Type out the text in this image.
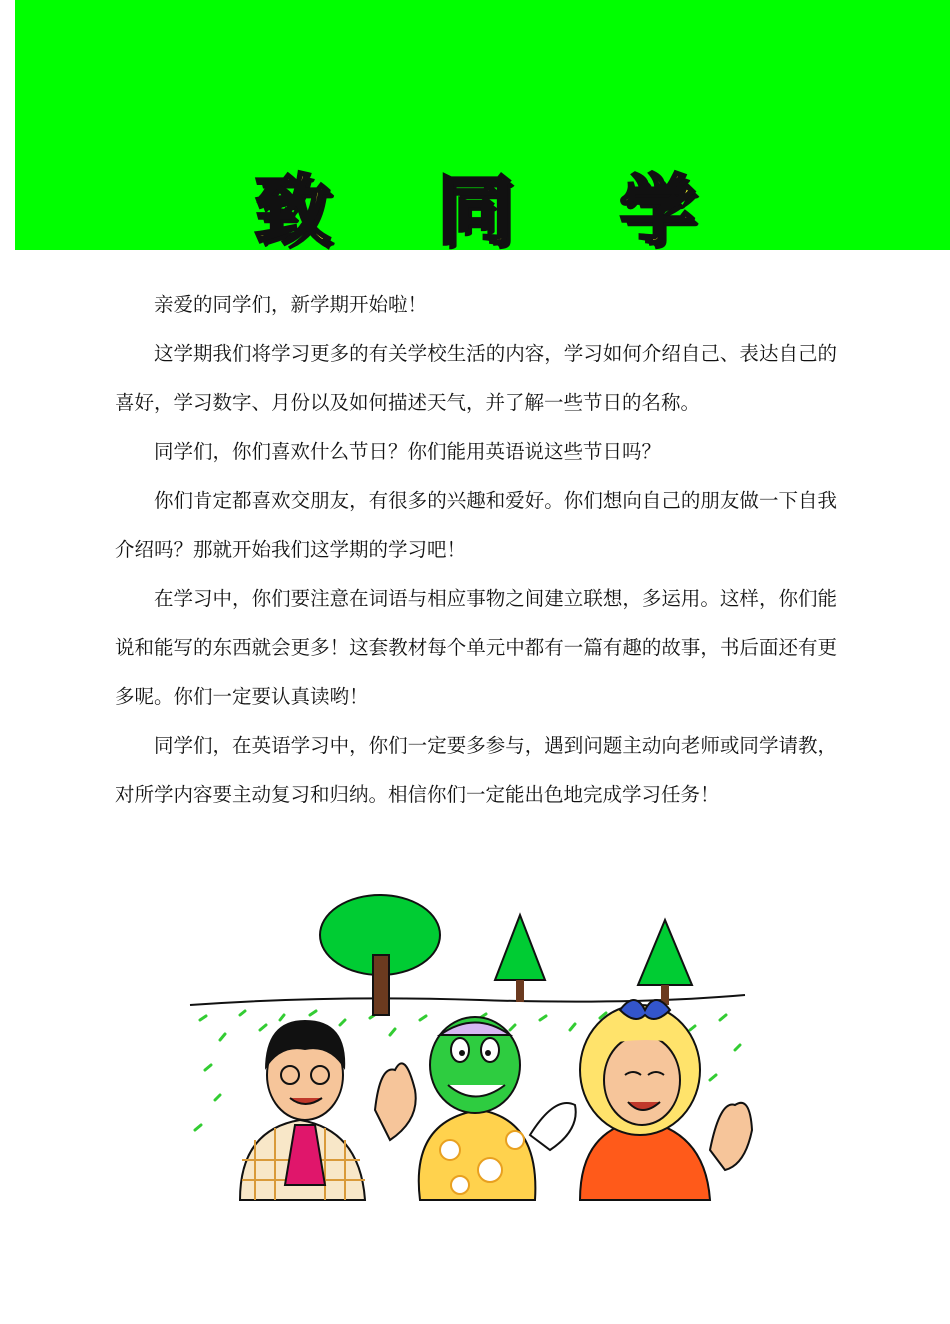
致 同 学

亲爱的同学们，新学期开始啦！

这学期我们将学习更多的有关学校生活的内容，学习如何介绍自己、表达自己的喜好，学习数字、月份以及如何描述天气，并了解一些节日的名称。

同学们，你们喜欢什么节日？你们能用英语说这些节日吗？

你们肯定都喜欢交朋友，有很多的兴趣和爱好。你们想向自己的朋友做一下自我介绍吗？那就开始我们这学期的学习吧！

在学习中，你们要注意在词语与相应事物之间建立联想，多运用。这样，你们能说和能写的东西就会更多！这套教材每个单元中都有一篇有趣的故事，书后面还有更多呢。你们一定要认真读哟！

同学们，在英语学习中，你们一定要多参与，遇到问题主动向老师或同学请教，对所学内容要主动复习和归纳。相信你们一定能出色地完成学习任务！
